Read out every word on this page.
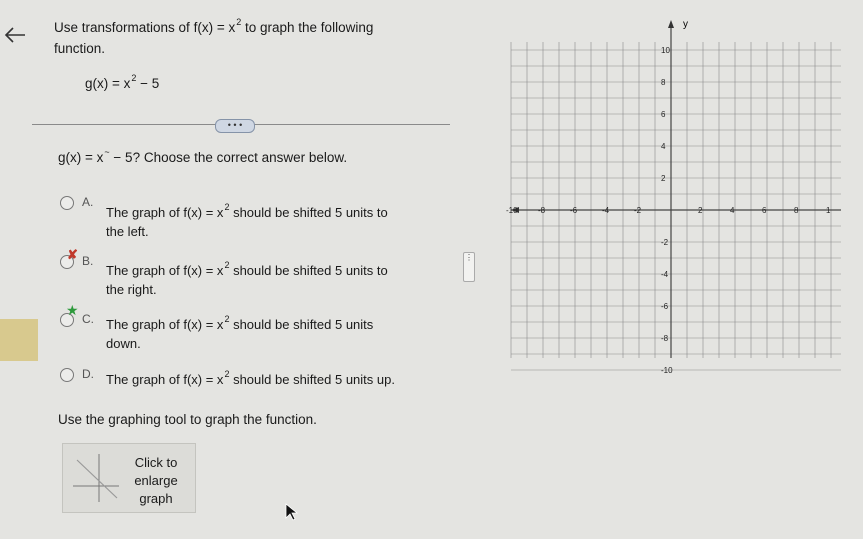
Use transformations of $f(x) = x^2$ to graph the following
function.
$g(x) = x^2 - 5$
• • •
g(x) = x~ − 5? Choose the correct answer below.
A.
The graph of $f(x) = x^2$ should be shifted 5 units to
the left.
✘ B.
The graph of $f(x) = x^2$ should be shifted 5 units to
the right.
★
C. The graph of $f(x) = x^2$ should be shifted 5 units
down.
D. The graph of $f(x) = x^2$ should be shifted 5 units up.
Use the graphing tool to graph the function.
Click to
enlarge
graph
⋮
y
-10	-8	-6	-4	-2	2	4	6	8	1
10
8
6
4
2
-2
-4
-6
-8
-10
